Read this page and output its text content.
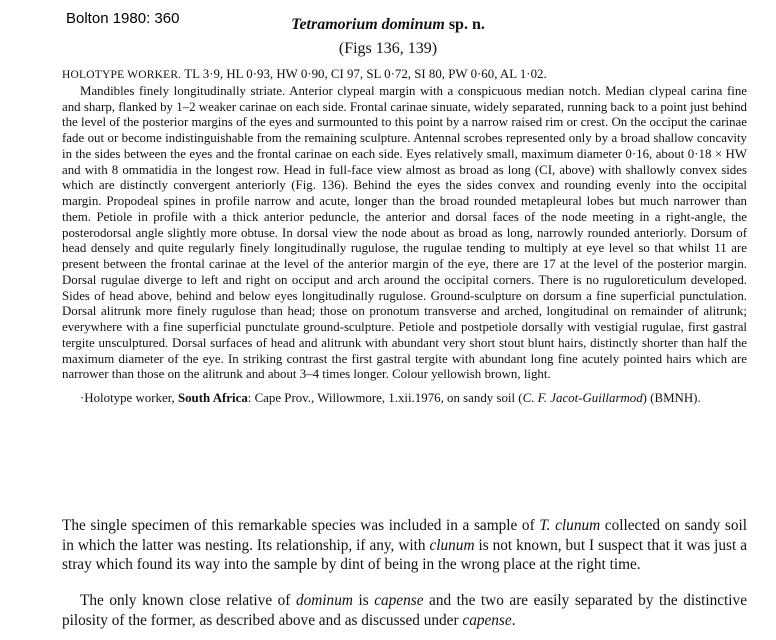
Bolton 1980: 360	Tetramorium dominum sp. n.
(Figs 136, 139)

HOLOTYPE WORKER. TL 3·9, HL 0·93, HW 0·90, CI 97, SL 0·72, SI 80, PW 0·60, AL 1·02.

Mandibles finely longitudinally striate. Anterior clypeal margin with a conspicuous median notch. Median clypeal carina fine and sharp, flanked by 1–2 weaker carinae on each side. Frontal carinae sinuate, widely separated, running back to a point just behind the level of the posterior margins of the eyes and surmounted to this point by a narrow raised rim or crest. On the occiput the carinae fade out or become indistinguishable from the remaining sculpture. Antennal scrobes represented only by a broad shallow concavity in the sides between the eyes and the frontal carinae on each side. Eyes relatively small, maximum diameter 0·16, about 0·18 × HW and with 8 ommatidia in the longest row. Head in full-face view almost as broad as long (CI, above) with shallowly convex sides which are distinctly convergent anteriorly (Fig. 136). Behind the eyes the sides convex and rounding evenly into the occipital margin. Propodeal spines in profile narrow and acute, longer than the broad rounded metapleural lobes but much narrower than them. Petiole in profile with a thick anterior peduncle, the anterior and dorsal faces of the node meeting in a right-angle, the posterodorsal angle slightly more obtuse. In dorsal view the node about as broad as long, narrowly rounded anteriorly. Dorsum of head densely and quite regularly finely longitudinally rugulose, the rugulae tending to multiply at eye level so that whilst 11 are present between the frontal carinae at the level of the anterior margin of the eye, there are 17 at the level of the posterior margin. Dorsal rugulae diverge to left and right on occiput and arch around the occipital corners. There is no ruguloreticulum developed. Sides of head above, behind and below eyes longitudinally rugulose. Ground-sculpture on dorsum a fine superficial punctulation. Dorsal alitrunk more finely rugulose than head; those on pronotum transverse and arched, longitudinal on remainder of alitrunk; everywhere with a fine superficial punctulate ground-sculpture. Petiole and postpetiole dorsally with vestigial rugulae, first gastral tergite unsculptured. Dorsal surfaces of head and alitrunk with abundant very short stout blunt hairs, distinctly shorter than half the maximum diameter of the eye. In striking contrast the first gastral tergite with abundant long fine acutely pointed hairs which are narrower than those on the alitrunk and about 3–4 times longer. Colour yellowish brown, light.

·Holotype worker, South Africa: Cape Prov., Willowmore, 1.xii.1976, on sandy soil (C. F. Jacot-Guillarmod) (BMNH).

The single specimen of this remarkable species was included in a sample of T. clunum collected on sandy soil in which the latter was nesting. Its relationship, if any, with clunum is not known, but I suspect that it was just a stray which found its way into the sample by dint of being in the wrong place at the right time.

The only known close relative of dominum is capense and the two are easily separated by the distinctive pilosity of the former, as described above and as discussed under capense.
